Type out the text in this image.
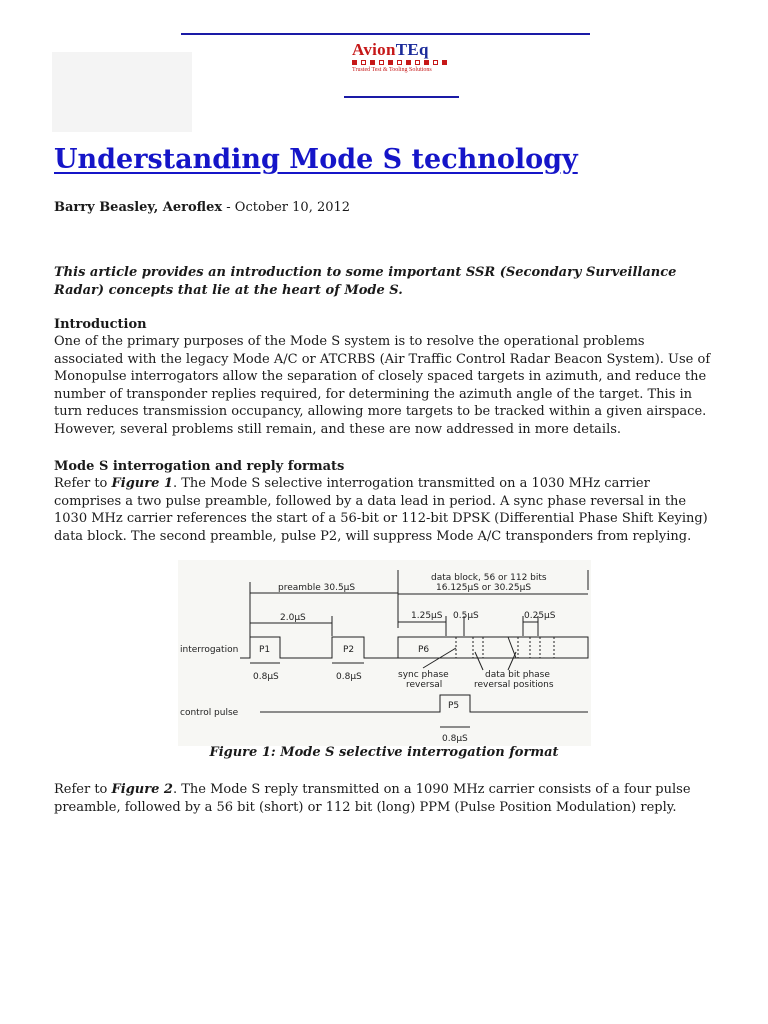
AvionTEq
Trusted Test & Tooling Solutions
Understanding Mode S technology
Barry Beasley, Aeroflex - October 10, 2012
This article provides an introduction to some important SSR (Secondary Surveillance Radar) concepts that lie at the heart of Mode S.
Introduction

One of the primary purposes of the Mode S system is to resolve the operational problems associated with the legacy Mode A/C or ATCRBS (Air Traffic Control Radar Beacon System). Use of Monopulse interrogators allow the separation of closely spaced targets in azimuth, and reduce the number of transponder replies required, for determining the azimuth angle of the target. This in turn reduces transmission occupancy, allowing more targets to be tracked within a given airspace. However, several problems still remain, and these are now addressed in more details.

Mode S interrogation and reply formats

Refer to Figure 1. The Mode S selective interrogation transmitted on a 1030 MHz carrier comprises a two pulse preamble, followed by a data lead in period. A sync phase reversal in the 1030 MHz carrier references the start of a 56-bit or 112-bit DPSK (Differential Phase Shift Keying) data block. The second preamble, pulse P2, will suppress Mode A/C transponders from replying.

preamble 30.5µS
data block, 56 or 112 bits
16.125µS or 30.25µS
2.0µS	1.25µS 0.5µS	0.25µS
interrogation P1	P2	P6
0.8µS	0.8µS	sync phase
reversal
data bit phase
reversal positions
control pulse
P5
0.8µS
Figure 1: Mode S selective interrogation format

Refer to Figure 2. The Mode S reply transmitted on a 1090 MHz carrier consists of a four pulse preamble, followed by a 56 bit (short) or 112 bit (long) PPM (Pulse Position Modulation) reply.
